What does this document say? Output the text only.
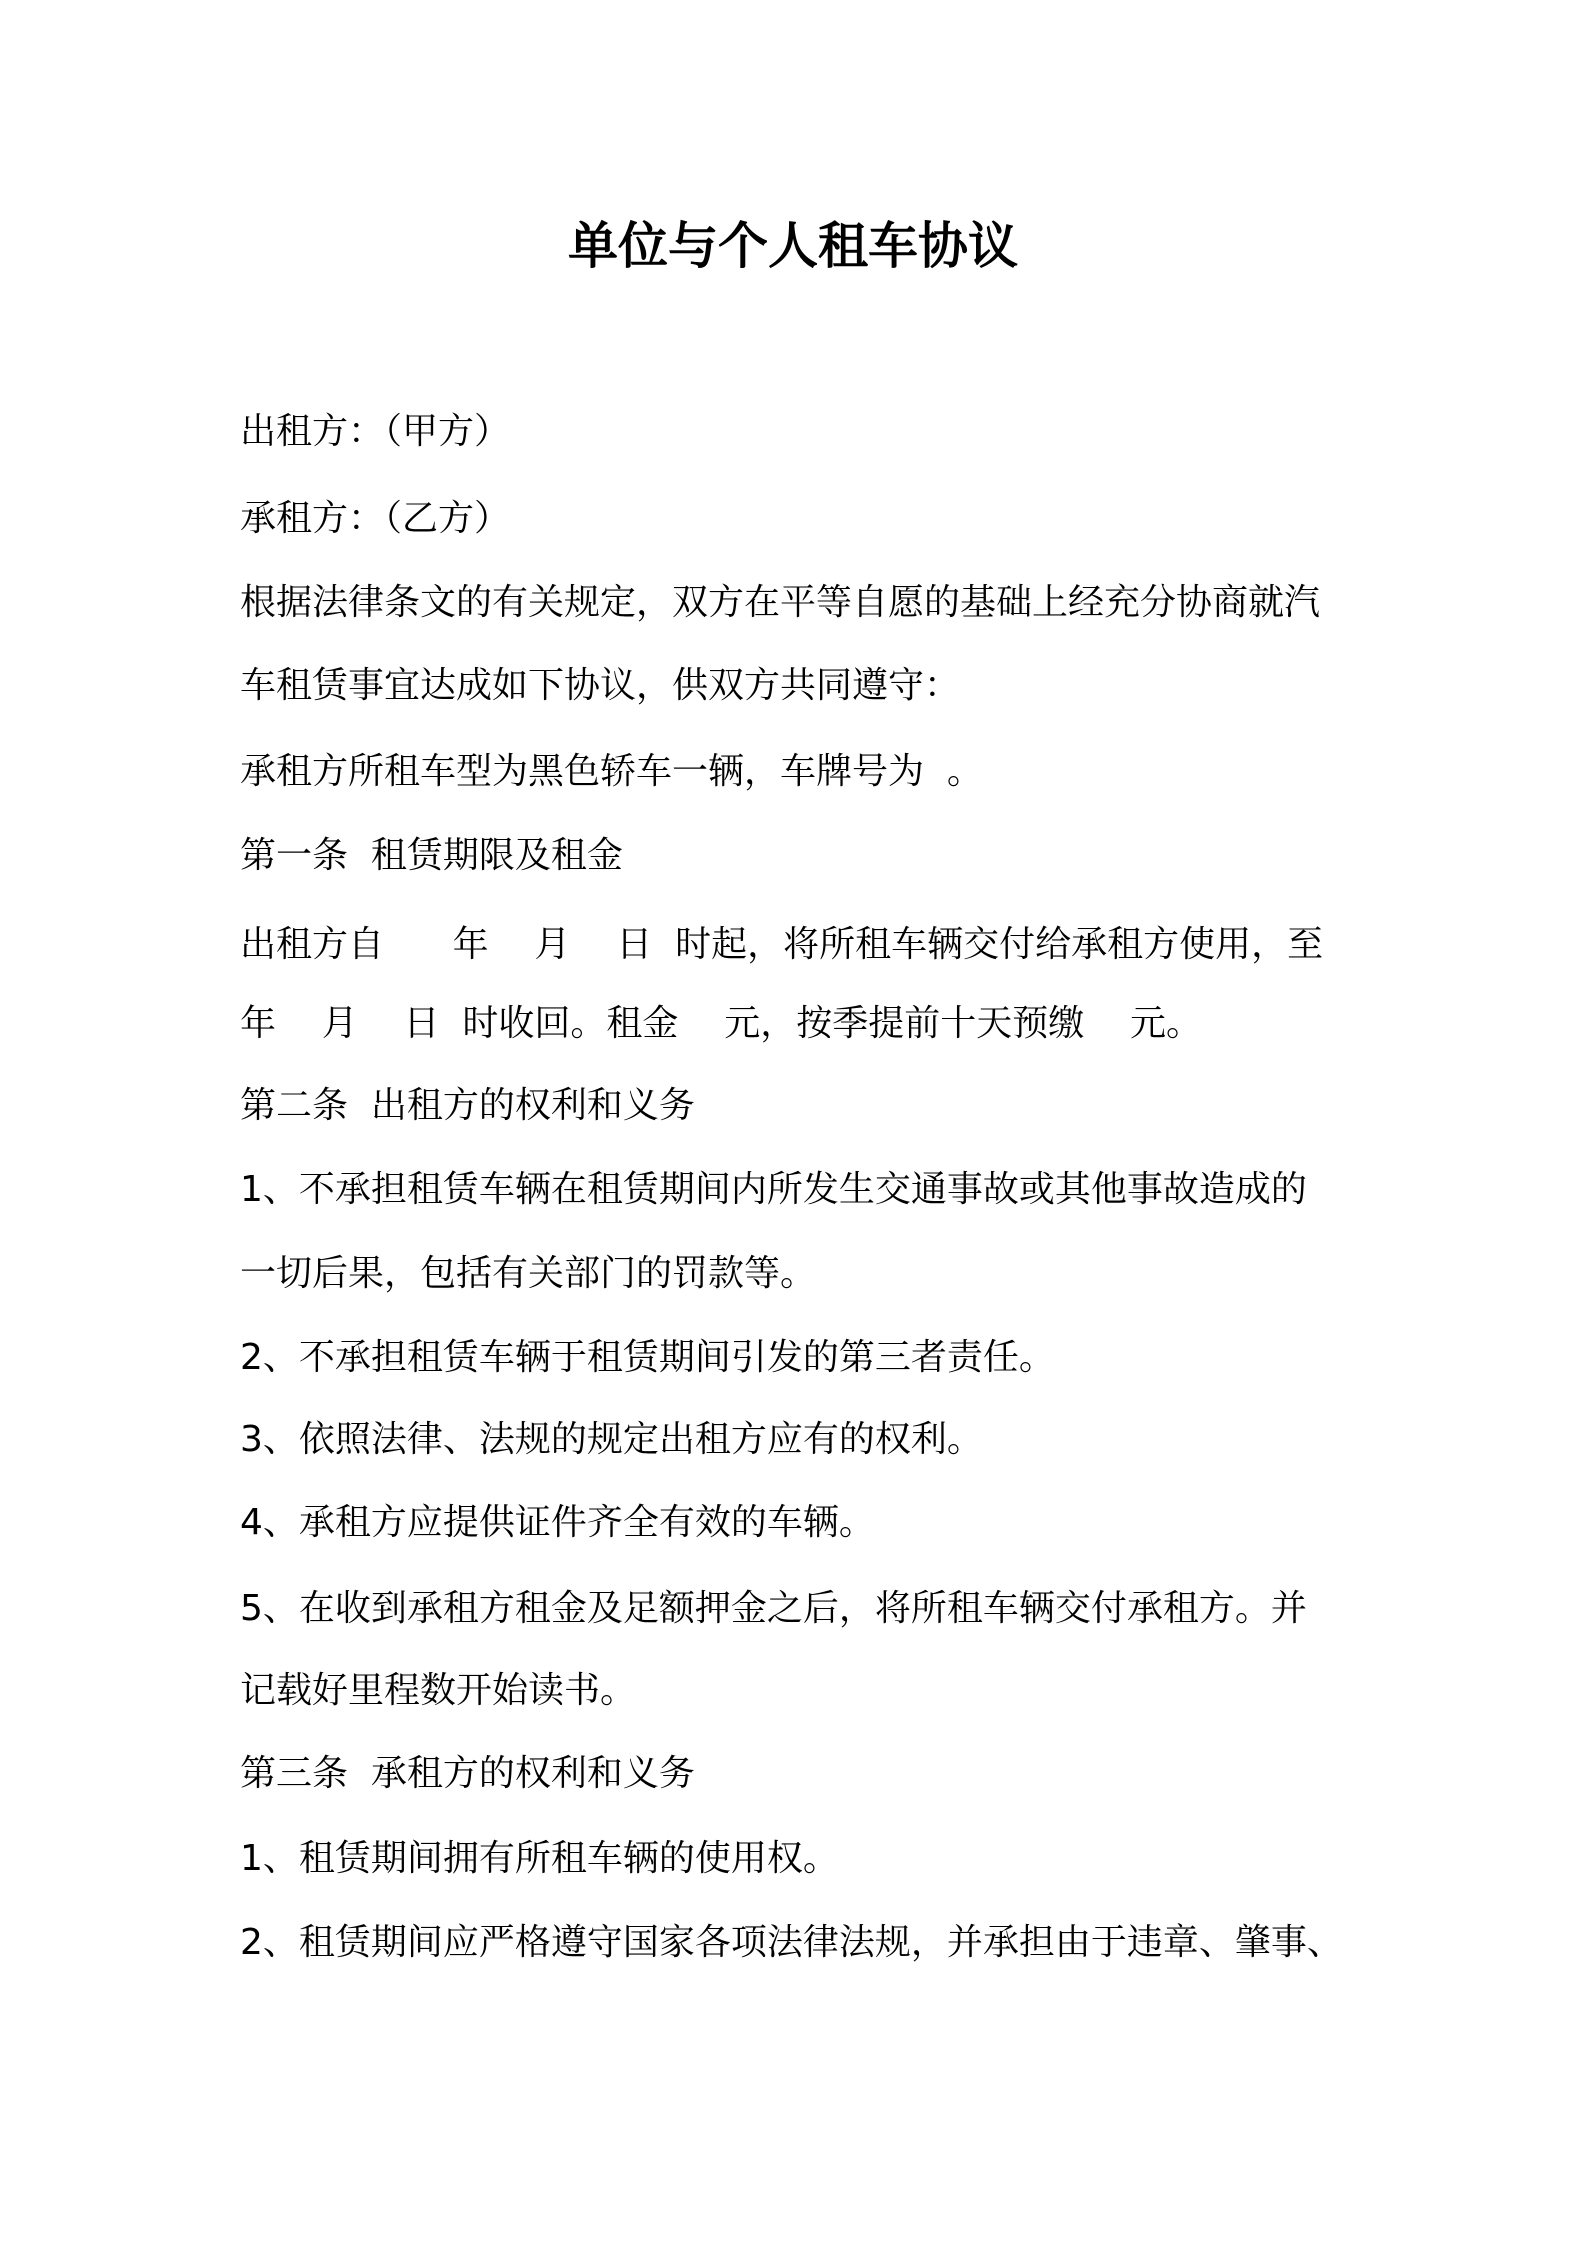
单位与个人租车协议
出租方：（甲方）
承租方：（乙方）
根据法律条文的有关规定，双方在平等自愿的基础上经充分协商就汽
车租赁事宜达成如下协议，供双方共同遵守：
承租方所租车型为黑色轿车一辆，车牌号为  。
第一条  租赁期限及租金
出租方自      年    月    日  时起，将所租车辆交付给承租方使用，至
年    月    日  时收回。租金    元，按季提前十天预缴    元。
第二条  出租方的权利和义务
1、不承担租赁车辆在租赁期间内所发生交通事故或其他事故造成的
一切后果，包括有关部门的罚款等。
2、不承担租赁车辆于租赁期间引发的第三者责任。
3、依照法律、法规的规定出租方应有的权利。
4、承租方应提供证件齐全有效的车辆。
5、在收到承租方租金及足额押金之后，将所租车辆交付承租方。并
记载好里程数开始读书。
第三条  承租方的权利和义务
1、租赁期间拥有所租车辆的使用权。
2、租赁期间应严格遵守国家各项法律法规，并承担由于违章、肇事、
